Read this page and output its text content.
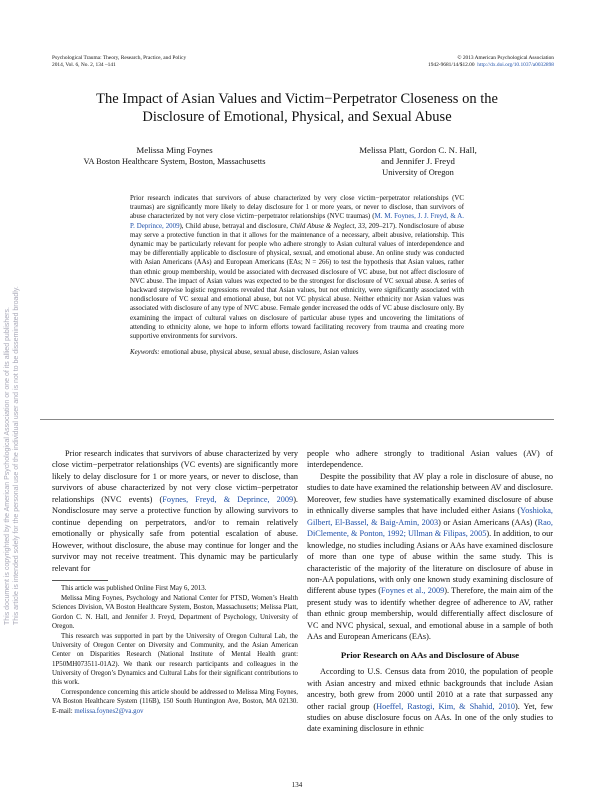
This document is copyrighted by the American Psychological Association or one of its allied publishers. This article is intended solely for the personal use of the individual user and is not to be disseminated broadly.
Psychological Trauma: Theory, Research, Practice, and Policy
2014, Vol. 6, No. 2, 134 –141
© 2013 American Psychological Association
1942-9681/14/$12.00 http://dx.doi.org/10.1037/a0032898
The Impact of Asian Values and Victim−Perpetrator Closeness on the
Disclosure of Emotional, Physical, and Sexual Abuse
Melissa Ming Foynes
VA Boston Healthcare System, Boston, Massachusetts
Melissa Platt, Gordon C. N. Hall,
and Jennifer J. Freyd
University of Oregon
Prior research indicates that survivors of abuse characterized by very close victim−perpetrator relationships (VC traumas) are significantly more likely to delay disclosure for 1 or more years, or never to disclose, than survivors of abuse characterized by not very close victim−perpetrator relationships (NVC traumas) (M. M. Foynes, J. J. Freyd, & A. P. Deprince, 2009), Child abuse, betrayal and disclosure, Child Abuse & Neglect, 33, 209–217). Nondisclosure of abuse may serve a protective function in that it allows for the maintenance of a necessary, albeit abusive, relationship. This dynamic may be particularly relevant for people who adhere strongly to Asian cultural values of interdependence and may be differentially applicable to disclosure of physical, sexual, and emotional abuse. An online study was conducted with Asian Americans (AAs) and European Americans (EAs; N = 266) to test the hypothesis that Asian values, rather than ethnic group membership, would be associated with decreased disclosure of VC abuse, but not affect disclosure of NVC abuse. The impact of Asian values was expected to be the strongest for disclosure of VC sexual abuse. A series of backward stepwise logistic regressions revealed that Asian values, but not ethnicity, were significantly associated with nondisclosure of VC sexual and emotional abuse, but not VC physical abuse. Neither ethnicity nor Asian values was associated with disclosure of any type of NVC abuse. Female gender increased the odds of VC abuse disclosure only. By examining the impact of cultural values on disclosure of particular abuse types and uncovering the limitations of attending to ethnicity alone, we hope to inform efforts toward facilitating recovery from trauma and creating more supportive environments for survivors.
Keywords: emotional abuse, physical abuse, sexual abuse, disclosure, Asian values

Prior research indicates that survivors of abuse characterized by very close victim−perpetrator relationships (VC events) are significantly more likely to delay disclosure for 1 or more years, or never to disclose, than survivors of abuse characterized by not very close victim−perpetrator relationships (NVC events) (Foynes, Freyd, & Deprince, 2009). Nondisclosure may serve a protective function by allowing survivors to continue depending on perpetrators, and/or to remain relatively emotionally or physically safe from potential escalation of abuse. However, without disclosure, the abuse may continue for longer and the survivor may not receive treatment. This dynamic may be particularly relevant for

This article was published Online First May 6, 2013.

Melissa Ming Foynes, Psychology and National Center for PTSD, Women’s Health Sciences Division, VA Boston Healthcare System, Boston, Massachusetts; Melissa Platt, Gordon C. N. Hall, and Jennifer J. Freyd, Department of Psychology, University of Oregon.

This research was supported in part by the University of Oregon Cultural Lab, the University of Oregon Center on Diversity and Community, and the Asian American Center on Disparities Research (National Institute of Mental Health grant: 1P50MH073511-01A2). We thank our research participants and colleagues in the University of Oregon’s Dynamics and Cultural Labs for their significant contributions to this work.

Correspondence concerning this article should be addressed to Melissa Ming Foynes, VA Boston Healthcare System (116B), 150 South Huntington Ave, Boston, MA 02130. E-mail: melissa.foynes2@va.gov

people who adhere strongly to traditional Asian values (AV) of interdependence.

Despite the possibility that AV play a role in disclosure of abuse, no studies to date have examined the relationship between AV and disclosure. Moreover, few studies have systematically examined disclosure of abuse in ethnically diverse samples that have included either Asians (Yoshioka, Gilbert, El-Bassel, & Baig-Amin, 2003) or Asian Americans (AAs) (Rao, DiClemente, & Ponton, 1992; Ullman & Filipas, 2005). In addition, to our knowledge, no studies including Asians or AAs have examined disclosure of more than one type of abuse within the same study. This is characteristic of the majority of the literature on disclosure of abuse in non-AA populations, with only one known study examining disclosure of different abuse types (Foynes et al., 2009). Therefore, the main aim of the present study was to identify whether degree of adherence to AV, rather than ethnic group membership, would differentially affect disclosure of VC and NVC physical, sexual, and emotional abuse in a sample of both AAs and European Americans (EAs).

Prior Research on AAs and Disclosure of Abuse

According to U.S. Census data from 2010, the population of people with Asian ancestry and mixed ethnic backgrounds that include Asian ancestry, both grew from 2000 until 2010 at a rate that surpassed any other racial group (Hoeffel, Rastogi, Kim, & Shahid, 2010). Yet, few studies on abuse disclosure focus on AAs. In one of the only studies to date examining disclosure in ethnic

134
